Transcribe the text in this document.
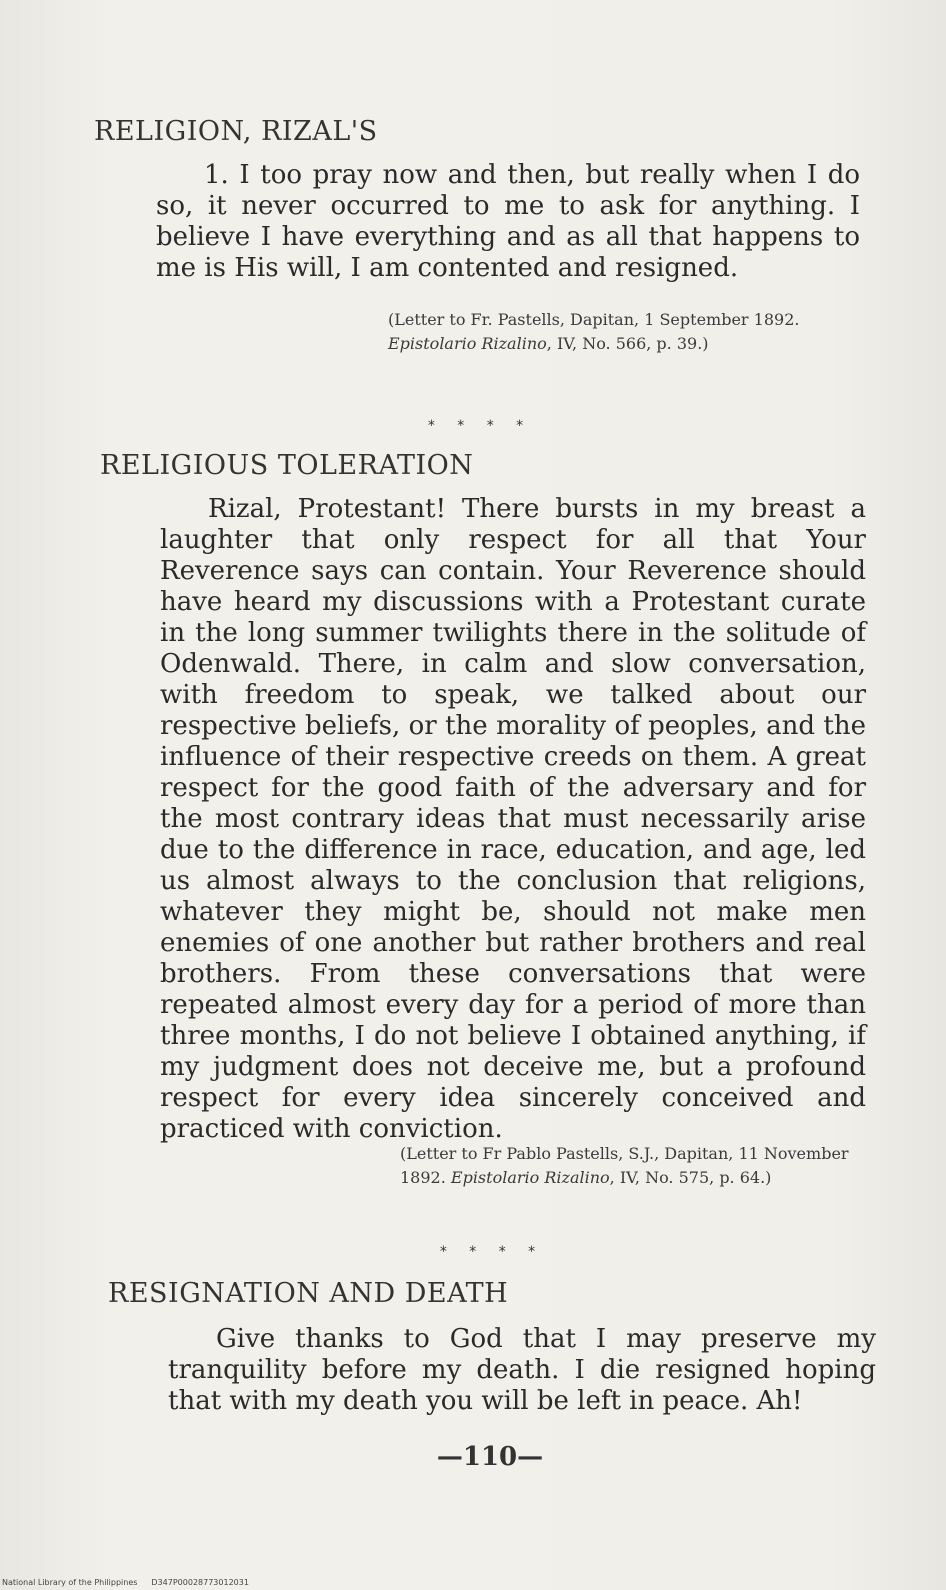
RELIGION, RIZAL'S
1. I too pray now and then, but really when I do so, it never occurred to me to ask for anything. I believe I have everything and as all that happens to me is His will, I am contented and resigned.
(Letter to Fr. Pastells, Dapitan, 1 September 1892. Epistolario Rizalino, IV, No. 566, p. 39.)
* * * *
RELIGIOUS TOLERATION
Rizal, Protestant! There bursts in my breast a laughter that only respect for all that Your Reverence says can contain. Your Reverence should have heard my discussions with a Protestant curate in the long summer twilights there in the solitude of Odenwald. There, in calm and slow conversation, with freedom to speak, we talked about our respective beliefs, or the morality of peoples, and the influence of their respective creeds on them. A great respect for the good faith of the adversary and for the most contrary ideas that must necessarily arise due to the difference in race, education, and age, led us almost always to the conclusion that religions, whatever they might be, should not make men enemies of one another but rather brothers and real brothers. From these conversations that were repeated almost every day for a period of more than three months, I do not believe I obtained anything, if my judgment does not deceive me, but a profound respect for every idea sincerely conceived and practiced with conviction.
(Letter to Fr Pablo Pastells, S.J., Dapitan, 11 November 1892. Epistolario Rizalino, IV, No. 575, p. 64.)
* * * *
RESIGNATION AND DEATH
Give thanks to God that I may preserve my tranquility before my death. I die resigned hoping that with my death you will be left in peace. Ah!
—110—
National Library of the Philippines D347P00028773012031
